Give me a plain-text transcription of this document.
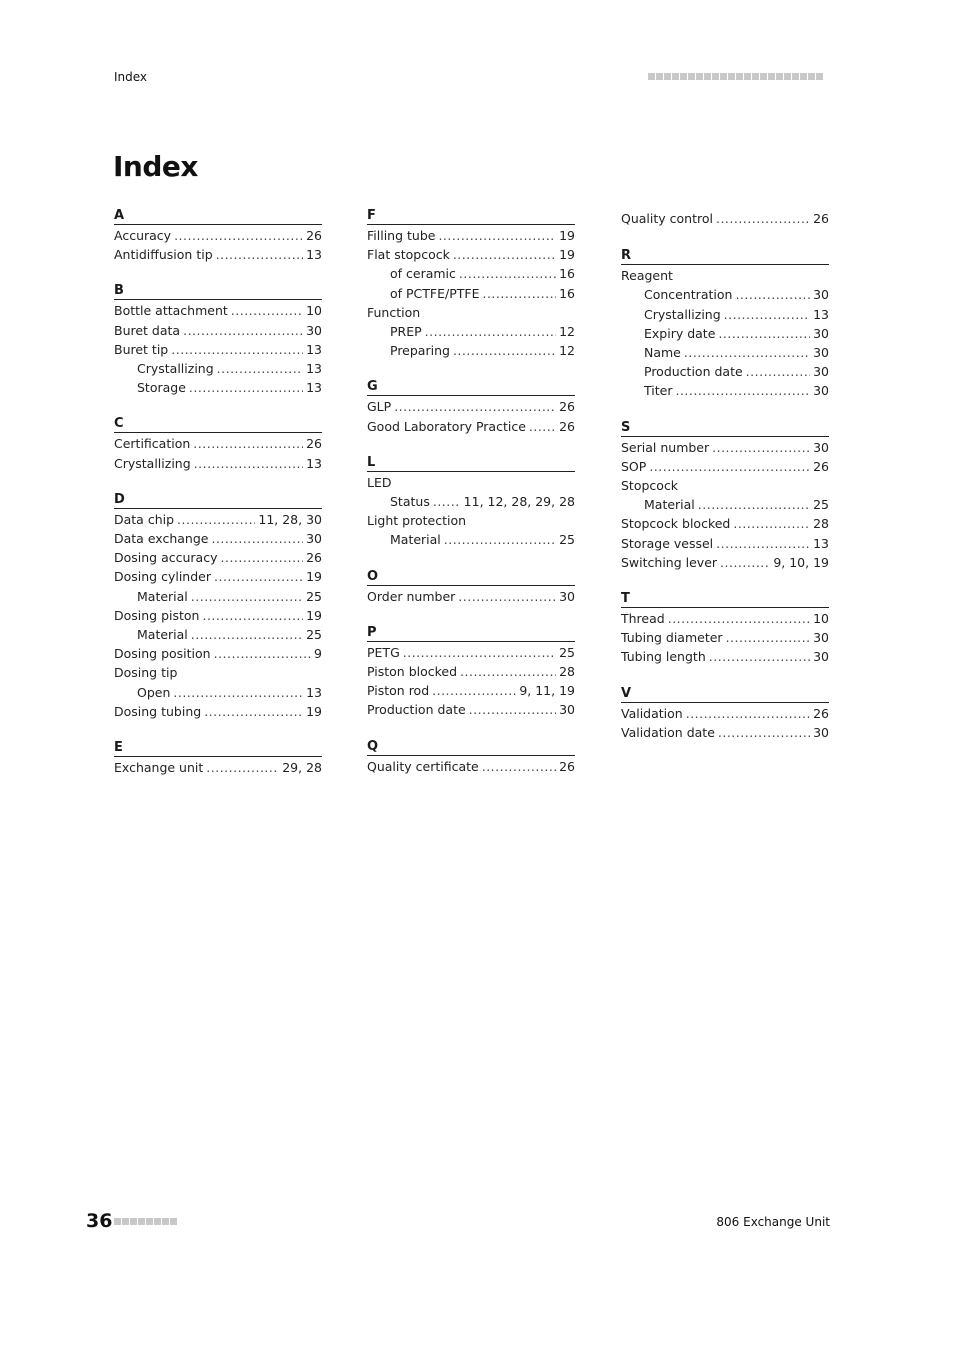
Index
Index
A
Accuracy .....	26
Antidiffusion tip .....	13
B
Bottle attachment .....	10
Buret data .....	30
Buret tip .....	13
Crystallizing .....	13
Storage .....	13
C
Certification .....	26
Crystallizing .....	13
D
Data chip .....	11, 28, 30
Data exchange .....	30
Dosing accuracy .....	26
Dosing cylinder .....	19
Material .....	25
Dosing piston .....	19
Material .....	25
Dosing position .....	9
Dosing tip
Open .....	13
Dosing tubing .....	19
E
Exchange unit .....	29, 28
F
Filling tube .....	19
Flat stopcock .....	19
of ceramic .....	16
of PCTFE/PTFE .....	16
Function
PREP .....	12
Preparing .....	12
G
GLP .....	26
Good Laboratory Practice .....	26
L
LED
Status .....	11, 12, 28, 29, 28
Light protection
Material .....	25
O
Order number .....	30
P
PETG .....	25
Piston blocked .....	28
Piston rod .....	9, 11, 19
Production date .....	30
Q
Quality certificate .....	26
Quality control .....	26
R
Reagent
Concentration .....	30
Crystallizing .....	13
Expiry date .....	30
Name .....	30
Production date .....	30
Titer .....	30
S
Serial number .....	30
SOP .....	26
Stopcock
Material .....	25
Stopcock blocked .....	28
Storage vessel .....	13
Switching lever .....	9, 10, 19
T
Thread .....	10
Tubing diameter .....	30
Tubing length .....	30
V
Validation .....	26
Validation date .....	30
36	806 Exchange Unit
